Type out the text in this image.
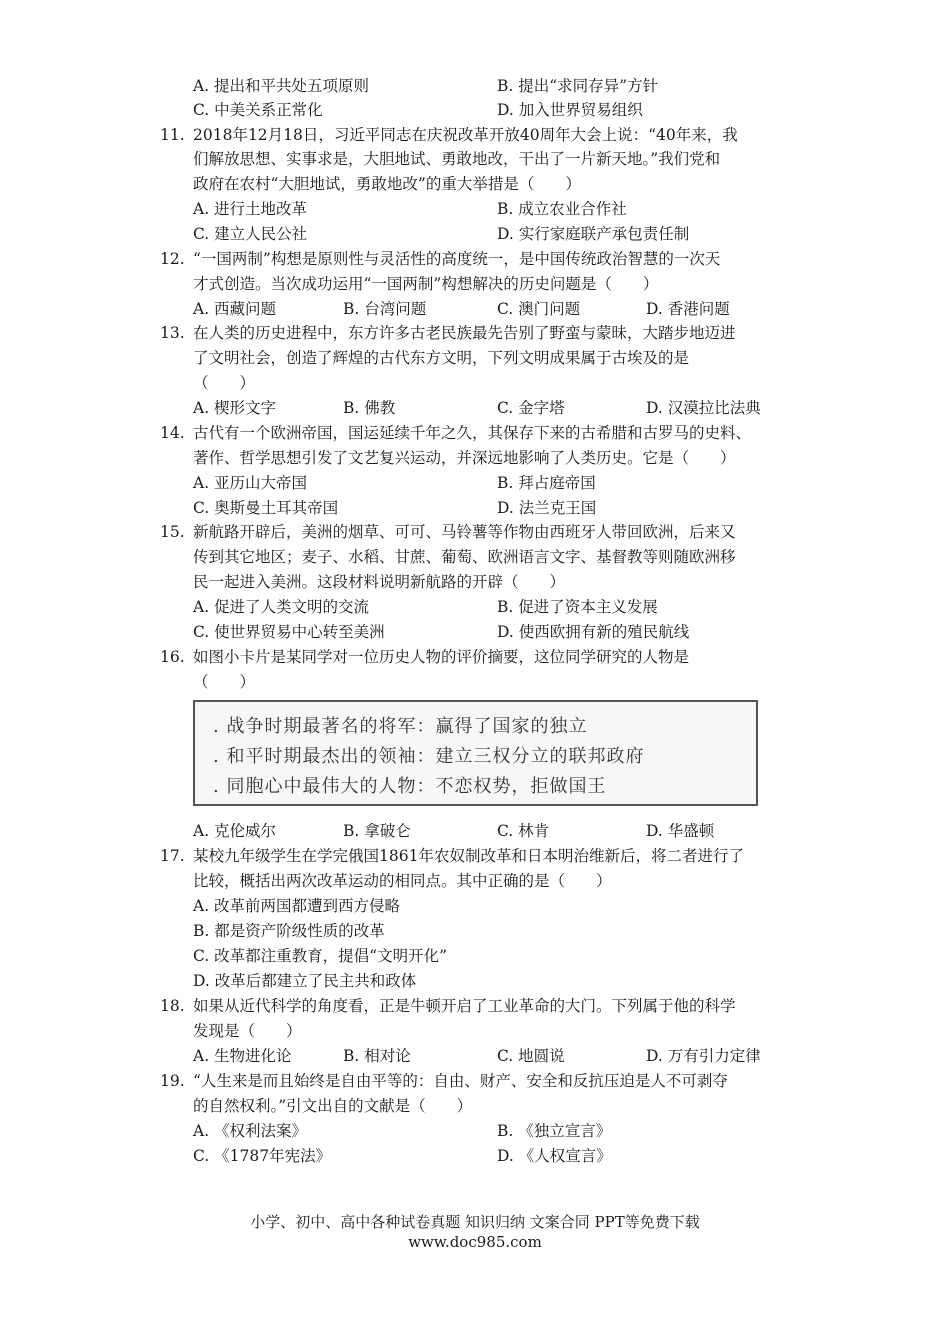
A. 提出和平共处五项原则	B. 提出“求同存异”方针
C. 中美关系正常化	D. 加入世界贸易组织
11. 2018年12月18日，习近平同志在庆祝改革开放40周年大会上说：“40年来，我
们解放思想、实事求是，大胆地试、勇敢地改，干出了一片新天地。”我们党和
政府在农村“大胆地试，勇敢地改”的重大举措是（　　）
A. 进行土地改革	B. 成立农业合作社
C. 建立人民公社	D. 实行家庭联产承包责任制
12. “一国两制”构想是原则性与灵活性的高度统一，是中国传统政治智慧的一次天
才式创造。当次成功运用“一国两制”构想解决的历史问题是（　　）
A. 西藏问题	B. 台湾问题	C. 澳门问题	D. 香港问题
13. 在人类的历史进程中，东方许多古老民族最先告别了野蛮与蒙昧，大踏步地迈进
了文明社会，创造了辉煌的古代东方文明，下列文明成果属于古埃及的是
（　　）
A. 楔形文字	B. 佛教	C. 金字塔	D. 汉漠拉比法典
14. 古代有一个欧洲帝国，国运延续千年之久，其保存下来的古希腊和古罗马的史料、
著作、哲学思想引发了文艺复兴运动，并深远地影响了人类历史。它是（　　）
A. 亚历山大帝国	B. 拜占庭帝国
C. 奥斯曼土耳其帝国	D. 法兰克王国
15. 新航路开辟后，美洲的烟草、可可、马铃薯等作物由西班牙人带回欧洲，后来又
传到其它地区；麦子、水稻、甘蔗、葡萄、欧洲语言文字、基督教等则随欧洲移
民一起进入美洲。这段材料说明新航路的开辟（　　）
A. 促进了人类文明的交流	B. 促进了资本主义发展
C. 使世界贸易中心转至美洲	D. 使西欧拥有新的殖民航线
16. 如图小卡片是某同学对一位历史人物的评价摘要，这位同学研究的人物是
（　　）
. 战争时期最著名的将军：赢得了国家的独立
. 和平时期最杰出的领袖：建立三权分立的联邦政府
. 同胞心中最伟大的人物：不恋权势，拒做国王
A. 克伦威尔	B. 拿破仑	C. 林肯	D. 华盛顿
17. 某校九年级学生在学完俄国1861年农奴制改革和日本明治维新后，将二者进行了
比较，概括出两次改革运动的相同点。其中正确的是（　　）
A. 改革前两国都遭到西方侵略
B. 都是资产阶级性质的改革
C. 改革都注重教育，提倡“文明开化”
D. 改革后都建立了民主共和政体
18. 如果从近代科学的角度看，正是牛顿开启了工业革命的大门。下列属于他的科学
发现是（　　）
A. 生物进化论	B. 相对论	C. 地圆说	D. 万有引力定律
19. “人生来是而且始终是自由平等的：自由、财产、安全和反抗压迫是人不可剥夺
的自然权利。”引文出自的文献是（　　）
A. 《权利法案》	B. 《独立宣言》
C. 《1787年宪法》	D. 《人权宣言》
小学、初中、高中各种试卷真题 知识归纳 文案合同 PPT等免费下载
www.doc985.com
